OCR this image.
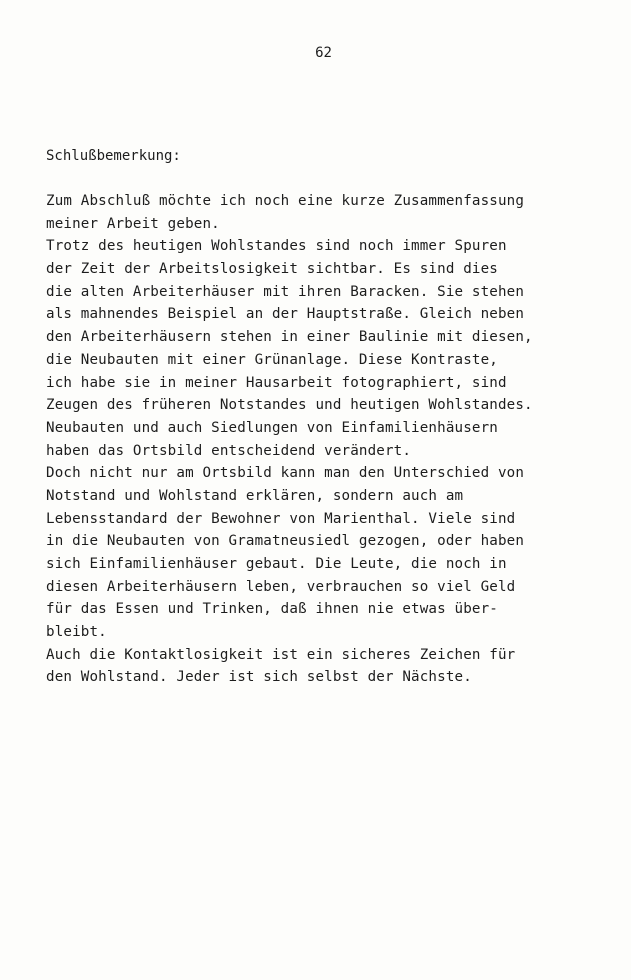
62
Schlußbemerkung:
Zum Abschluß möchte ich noch eine kurze Zusammenfassung
meiner Arbeit geben.
Trotz des heutigen Wohlstandes sind noch immer Spuren
der Zeit der Arbeitslosigkeit sichtbar. Es sind dies
die alten Arbeiterhäuser mit ihren Baracken. Sie stehen
als mahnendes Beispiel an der Hauptstraße. Gleich neben
den Arbeiterhäusern stehen in einer Baulinie mit diesen,
die Neubauten mit einer Grünanlage. Diese Kontraste,
ich habe sie in meiner Hausarbeit fotographiert, sind
Zeugen des früheren Notstandes und heutigen Wohlstandes.
Neubauten und auch Siedlungen von Einfamilienhäusern
haben das Ortsbild entscheidend verändert.
Doch nicht nur am Ortsbild kann man den Unterschied von
Notstand und Wohlstand erklären, sondern auch am
Lebensstandard der Bewohner von Marienthal. Viele sind
in die Neubauten von Gramatneusiedl gezogen, oder haben
sich Einfamilienhäuser gebaut. Die Leute, die noch in
diesen Arbeiterhäusern leben, verbrauchen so viel Geld
für das Essen und Trinken, daß ihnen nie etwas über-
bleibt.
Auch die Kontaktlosigkeit ist ein sicheres Zeichen für
den Wohlstand. Jeder ist sich selbst der Nächste.
